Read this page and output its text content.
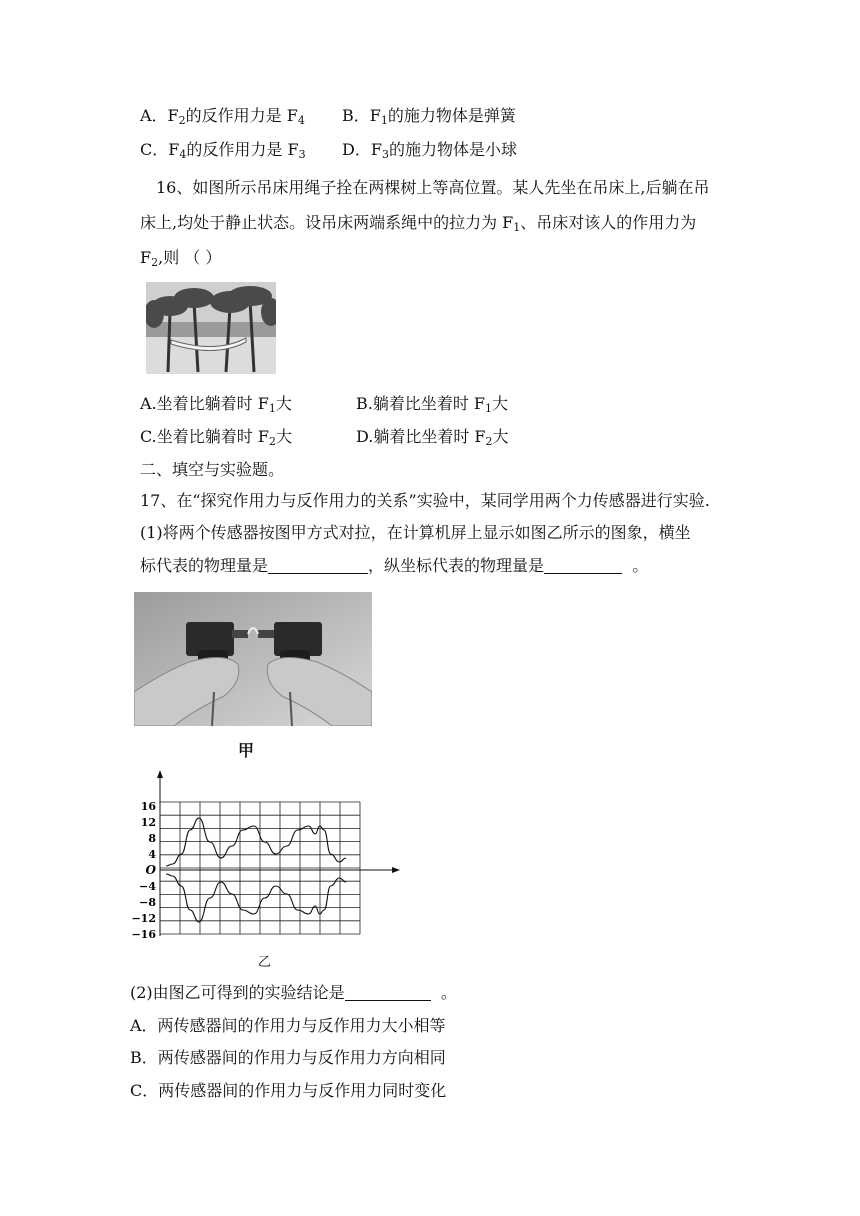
A．$F_2$的反作用力是 $F_4$ B．$F_1$的施力物体是弹簧
C．$F_4$的反作用力是 $F_3$ D．$F_3$的施力物体是小球
16、如图所示吊床用绳子拴在两棵树上等高位置。某人先坐在吊床上,后躺在吊
床上,均处于静止状态。设吊床两端系绳中的拉力为 $F_1$、吊床对该人的作用力为
$F_2$,则 （ ）
A.坐着比躺着时 $F_1$大	B.躺着比坐着时 $F_1$大
C.坐着比躺着时 $F_2$大	D.躺着比坐着时 $F_2$大
二、填空与实验题。
17、在“探究作用力与反作用力的关系”实验中，某同学用两个力传感器进行实验.
(1)将两个传感器按图甲方式对拉，在计算机屏上显示如图乙所示的图象，横坐
标代表的物理量是	，纵坐标代表的物理量是	。
甲
16
12
8
4
O
−4
−8
−12
−16
乙
(2)由图乙可得到的实验结论是	。
A．两传感器间的作用力与反作用力大小相等
B．两传感器间的作用力与反作用力方向相同
C．两传感器间的作用力与反作用力同时变化
